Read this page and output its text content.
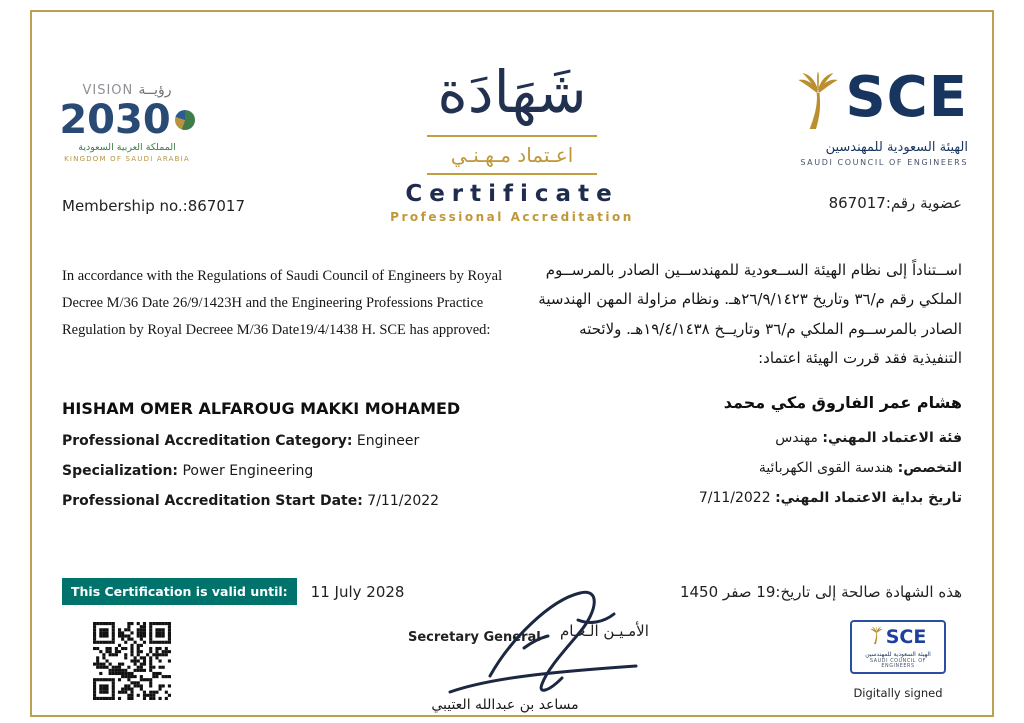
VISION رؤيــة
2030
المملكة العربية السعودية
KINGDOM OF SAUDI ARABIA
شَهَادَة
اعـتماد مـهـنـي
Certificate
Professional Accreditation
SCE
الهيئة السعودية للمهندسين
SAUDI COUNCIL OF ENGINEERS
Membership no.:867017	عضوية رقم:867017
In accordance with the Regulations of Saudi Council of Engineers by Royal Decree M/36 Date 26/9/1423H and the Engineering Professions Practice Regulation by Royal Decreee M/36 Date19/4/1438 H. SCE has approved:
اســتناداً إلى نظام الهيئة الســعودية للمهندســين الصادر بالمرســوم الملكي رقم م/٣٦ وتاريخ ٢٦/٩/١٤٢٣هـ. ونظام مزاولة المهن الهندسية الصادر بالمرســوم الملكي م/٣٦ وتاريــخ ١٩/٤/١٤٣٨هـ. ولائحته التنفيذية فقد قررت الهيئة اعتماد:
HISHAM OMER ALFAROUG MAKKI MOHAMED	هشام عمر الفاروق مكي محمد
Professional Accreditation Category: Engineer
Specialization: Power Engineering
Professional Accreditation Start Date: 7/11/2022
فئة الاعتماد المهني: مهندس
التخصص: هندسة القوى الكهربائية
تاريخ بداية الاعتماد المهني: 7/11/2022
This Certification is valid until:	11 July 2028	هذه الشهادة صالحة إلى تاريخ:19 صفر 1450
Secretary General الأمـيـن الـعـام
مساعد بن عبدالله العتيبي
SCE
الهيئة السعودية للمهندسين
SAUDI COUNCIL OF ENGINEERS
Digitally signed
